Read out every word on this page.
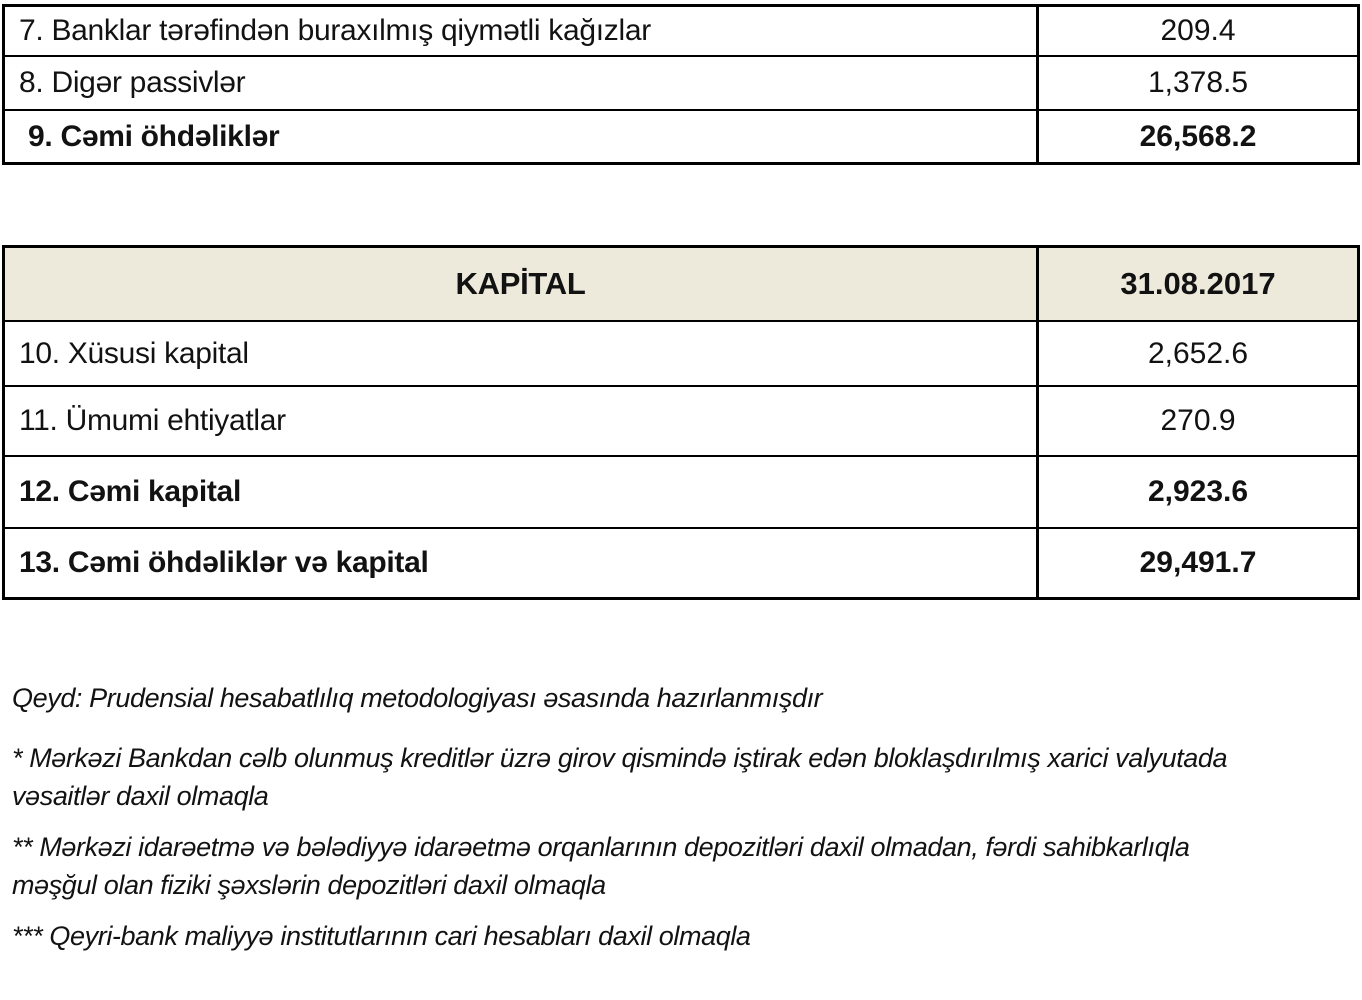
7. Banklar tərəfindən buraxılmış qiymətli kağızlar	209.4
8. Digər passivlər	1,378.5
9. Cəmi öhdəliklər	26,568.2
KAPİTAL	31.08.2017
10. Xüsusi kapital	2,652.6
11. Ümumi ehtiyatlar	270.9
12. Cəmi kapital	2,923.6
13. Cəmi öhdəliklər və kapital	29,491.7
Qeyd: Prudensial hesabatlılıq metodologiyası əsasında hazırlanmışdır
* Mərkəzi Bankdan cəlb olunmuş kreditlər üzrə girov qismində iştirak edən bloklaşdırılmış xarici valyutada
vəsaitlər daxil olmaqla
** Mərkəzi idarəetmə və bələdiyyə idarəetmə orqanlarının depozitləri daxil olmadan, fərdi sahibkarlıqla
məşğul olan fiziki şəxslərin depozitləri daxil olmaqla
*** Qeyri-bank maliyyə institutlarının cari hesabları daxil olmaqla
